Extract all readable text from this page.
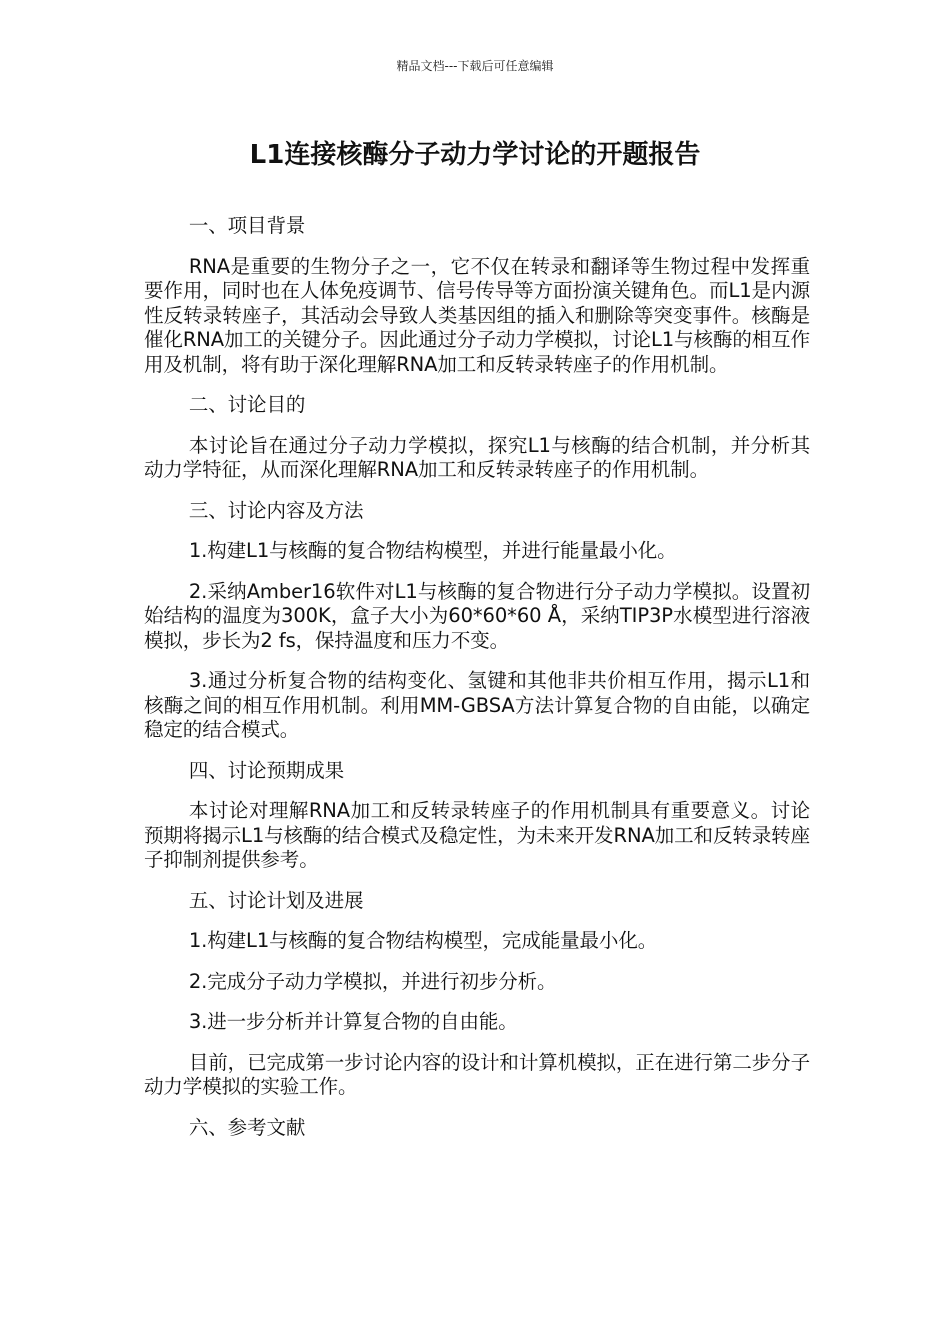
精品文档---下载后可任意编辑
L1连接核酶分子动力学讨论的开题报告

一、项目背景

RNA是重要的生物分子之一，它不仅在转录和翻译等生物过程中发挥重要作用，同时也在人体免疫调节、信号传导等方面扮演关键角色。而L1是内源性反转录转座子，其活动会导致人类基因组的插入和删除等突变事件。核酶是催化RNA加工的关键分子。因此通过分子动力学模拟，讨论L1与核酶的相互作用及机制，将有助于深化理解RNA加工和反转录转座子的作用机制。

二、讨论目的

本讨论旨在通过分子动力学模拟，探究L1与核酶的结合机制，并分析其动力学特征，从而深化理解RNA加工和反转录转座子的作用机制。

三、讨论内容及方法

1.构建L1与核酶的复合物结构模型，并进行能量最小化。

2.采纳Amber16软件对L1与核酶的复合物进行分子动力学模拟。设置初始结构的温度为300K，盒子大小为60*60*60 Å，采纳TIP3P水模型进行溶液模拟，步长为2 fs，保持温度和压力不变。

3.通过分析复合物的结构变化、氢键和其他非共价相互作用，揭示L1和核酶之间的相互作用机制。利用MM-GBSA方法计算复合物的自由能，以确定稳定的结合模式。

四、讨论预期成果

本讨论对理解RNA加工和反转录转座子的作用机制具有重要意义。讨论预期将揭示L1与核酶的结合模式及稳定性，为未来开发RNA加工和反转录转座子抑制剂提供参考。

五、讨论计划及进展

1.构建L1与核酶的复合物结构模型，完成能量最小化。

2.完成分子动力学模拟，并进行初步分析。

3.进一步分析并计算复合物的自由能。

目前，已完成第一步讨论内容的设计和计算机模拟，正在进行第二步分子动力学模拟的实验工作。

六、参考文献
